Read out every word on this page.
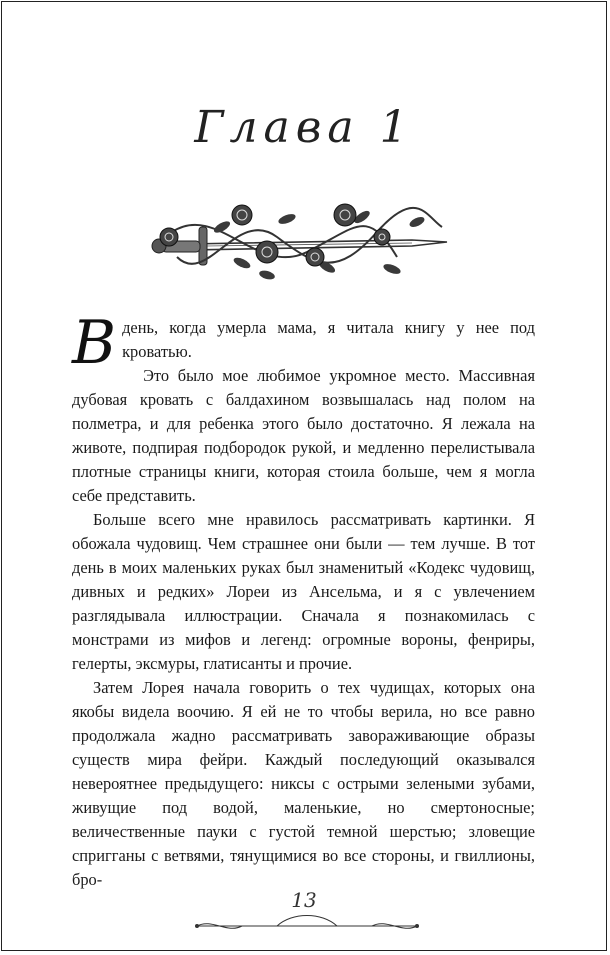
Глава 1

В день, когда умерла мама, я читала книгу у нее под кроватью.

Это было мое любимое укромное место. Массивная дубовая кровать с балдахином возвышалась над полом на полметра, и для ребенка этого было достаточно. Я лежала на животе, подпирая подбородок рукой, и медленно перелистывала плотные страницы книги, которая стоила больше, чем я могла себе представить.

Больше всего мне нравилось рассматривать картинки. Я обожала чудовищ. Чем страшнее они были — тем лучше. В тот день в моих маленьких руках был знаменитый «Кодекс чудовищ, дивных и редких» Лореи из Ансельма, и я с увлечением разглядывала иллюстрации. Сначала я познакомилась с монстрами из мифов и легенд: огромные вороны, фенриры, гелерты, эксмуры, глатисанты и прочие.

Затем Лорея начала говорить о тех чудищах, которых она якобы видела воочию. Я ей не то чтобы верила, но все равно продолжала жадно рассматривать завораживающие образы существ мира фейри. Каждый последующий оказывался невероятнее предыдущего: никсы с острыми зелеными зубами, живущие под водой, маленькие, но смертоносные; величественные пауки с густой темной шерстью; зловещие спригганы с ветвями, тянущимися во все стороны, и гвиллионы, бро-

13
